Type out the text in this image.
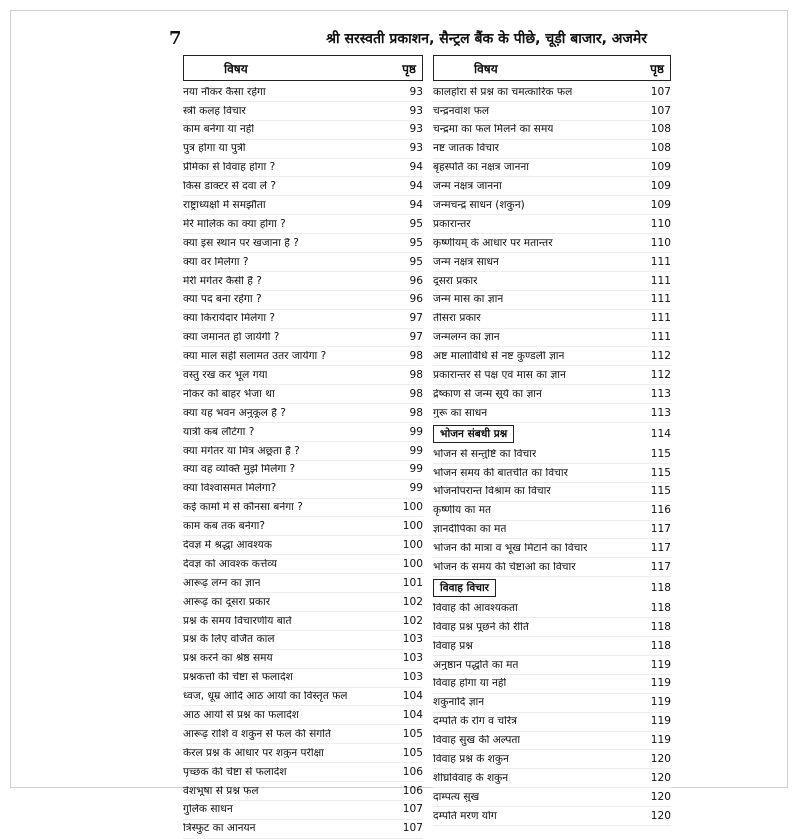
7	श्री सरस्वती प्रकाशन, सैन्ट्रल बैंक के पीछे, चूड़ी बाजार, अजमेर
विषय	पृष्ठ
नया नौकर कैसा रहेगा	93
स्त्री कलह विचार	93
काम बनेगा या नहीं	93
पुत्र होगा या पुत्री	93
प्रेमिका से विवाह होगा ?	94
किस डाक्टर से दवा लें ?	94
राष्ट्राध्यक्षों में समझौता	94
मेरे मालिक का क्या होगा ?	95
क्या इस स्थान पर खजाना है ?	95
क्या वर मिलेगा ?	95
मेरी मंगेतर कैसी है ?	96
क्या पद बना रहेगा ?	96
क्या किरायेदार मिलेगा ?	97
क्या जमानत हो जायेगी ?	97
क्या माल सही सलामत उतर जायेगा ?	98
वस्तु रख कर भूल गया	98
नोकर को बाहर भेजा था	98
क्या यह भवन अनुकूल है ?	98
यात्री कब लौटेगा ?	99
क्या मंगेतर या मित्र अछूता है ?	99
क्या वह व्यक्ति मुझे मिलेगा ?	99
क्या विश्वासमत मिलेगा?	99
कई कामों में से कौनसा बनेगा ?	100
काम कब तक बनेगा?	100
देवज्ञ में श्रद्धा आवश्यक	100
देवज्ञ को आवश्क कर्त्तव्य	100
आरूढ़ लग्न का ज्ञान	101
आरूढ़ का दूसरा प्रकार	102
प्रश्न के समय विचारणीय बाते	102
प्रश्न के लिए वर्जित काल	103
प्रश्न करने का श्रेष्ठ समय	103
प्रश्नकर्त्ता की चेष्टा से फलादेश	103
ध्वज, धूम्र आदि आठ आयों का विस्तृत फल	104
आठ आयों से प्रश्न का फलादेश	104
आरूढ़ राशि व शकुन से फल की संगति	105
केरल प्रश्न के आधार पर शकुन परीक्षा	105
पृच्छक की चेष्टा से फलादेश	106
वेशभूषा से प्रश्न फल	106
गुलिक साधन	107
त्रिस्फुट का आनयन	107
विषय	पृष्ठ
कालहोरा से प्रश्न का चमत्कारिक फल	107
चन्द्रनवांश फल	107
चन्द्रमा का फल मिलने का समय	108
नष्ट जातक विचार	108
बृहस्पति का नक्षत्र जानना	109
जन्म नक्षत्र जानना	109
जन्मचन्द्र साधन (शकुन)	109
प्रकारान्तर	110
कृष्णीयम् के आधार पर मतान्तर	110
जन्म नक्षत्र साधन	111
दूसरा प्रकार	111
जन्म मास का ज्ञान	111
तीसरा प्रकार	111
जन्मलग्न का ज्ञान	111
अष्ट मालाविधि से नष्ट कुण्डली ज्ञान	112
प्रकारान्तर से पक्ष एवं मास का ज्ञान	112
द्रेष्काण से जन्म सूर्य का ज्ञान	113
गुरू का साधन	113
भोजन संबधी प्रश्न	114
भोजन से सन्तुष्टि का विचार	115
भोजन समय की बातचीत का विचार	115
भोजनोपरान्त विश्राम का विचार	115
कृष्णीय का मत	116
ज्ञानदीपिका का मत	117
भोजन की मात्रा व भूख मिटाने का विचार	117
भोजन के समय की चेष्टाओ का विचार	117
विवाह विचार	118
विवाह की आवश्यकता	118
विवाह प्रश्न पूछने की रीति	118
विवाह प्रश्न	118
अनुष्ठान पद्धति का मत	119
विवाह होगा या नहीं	119
शकुनादि ज्ञान	119
दम्पति के रोग व चरित्र	119
विवाह सुख की अल्पता	119
विवाह प्रश्न के शकुन	120
शीघ्रविवाह के शकुन	120
दाम्पत्य सुख	120
दम्पति मरण योग	120
